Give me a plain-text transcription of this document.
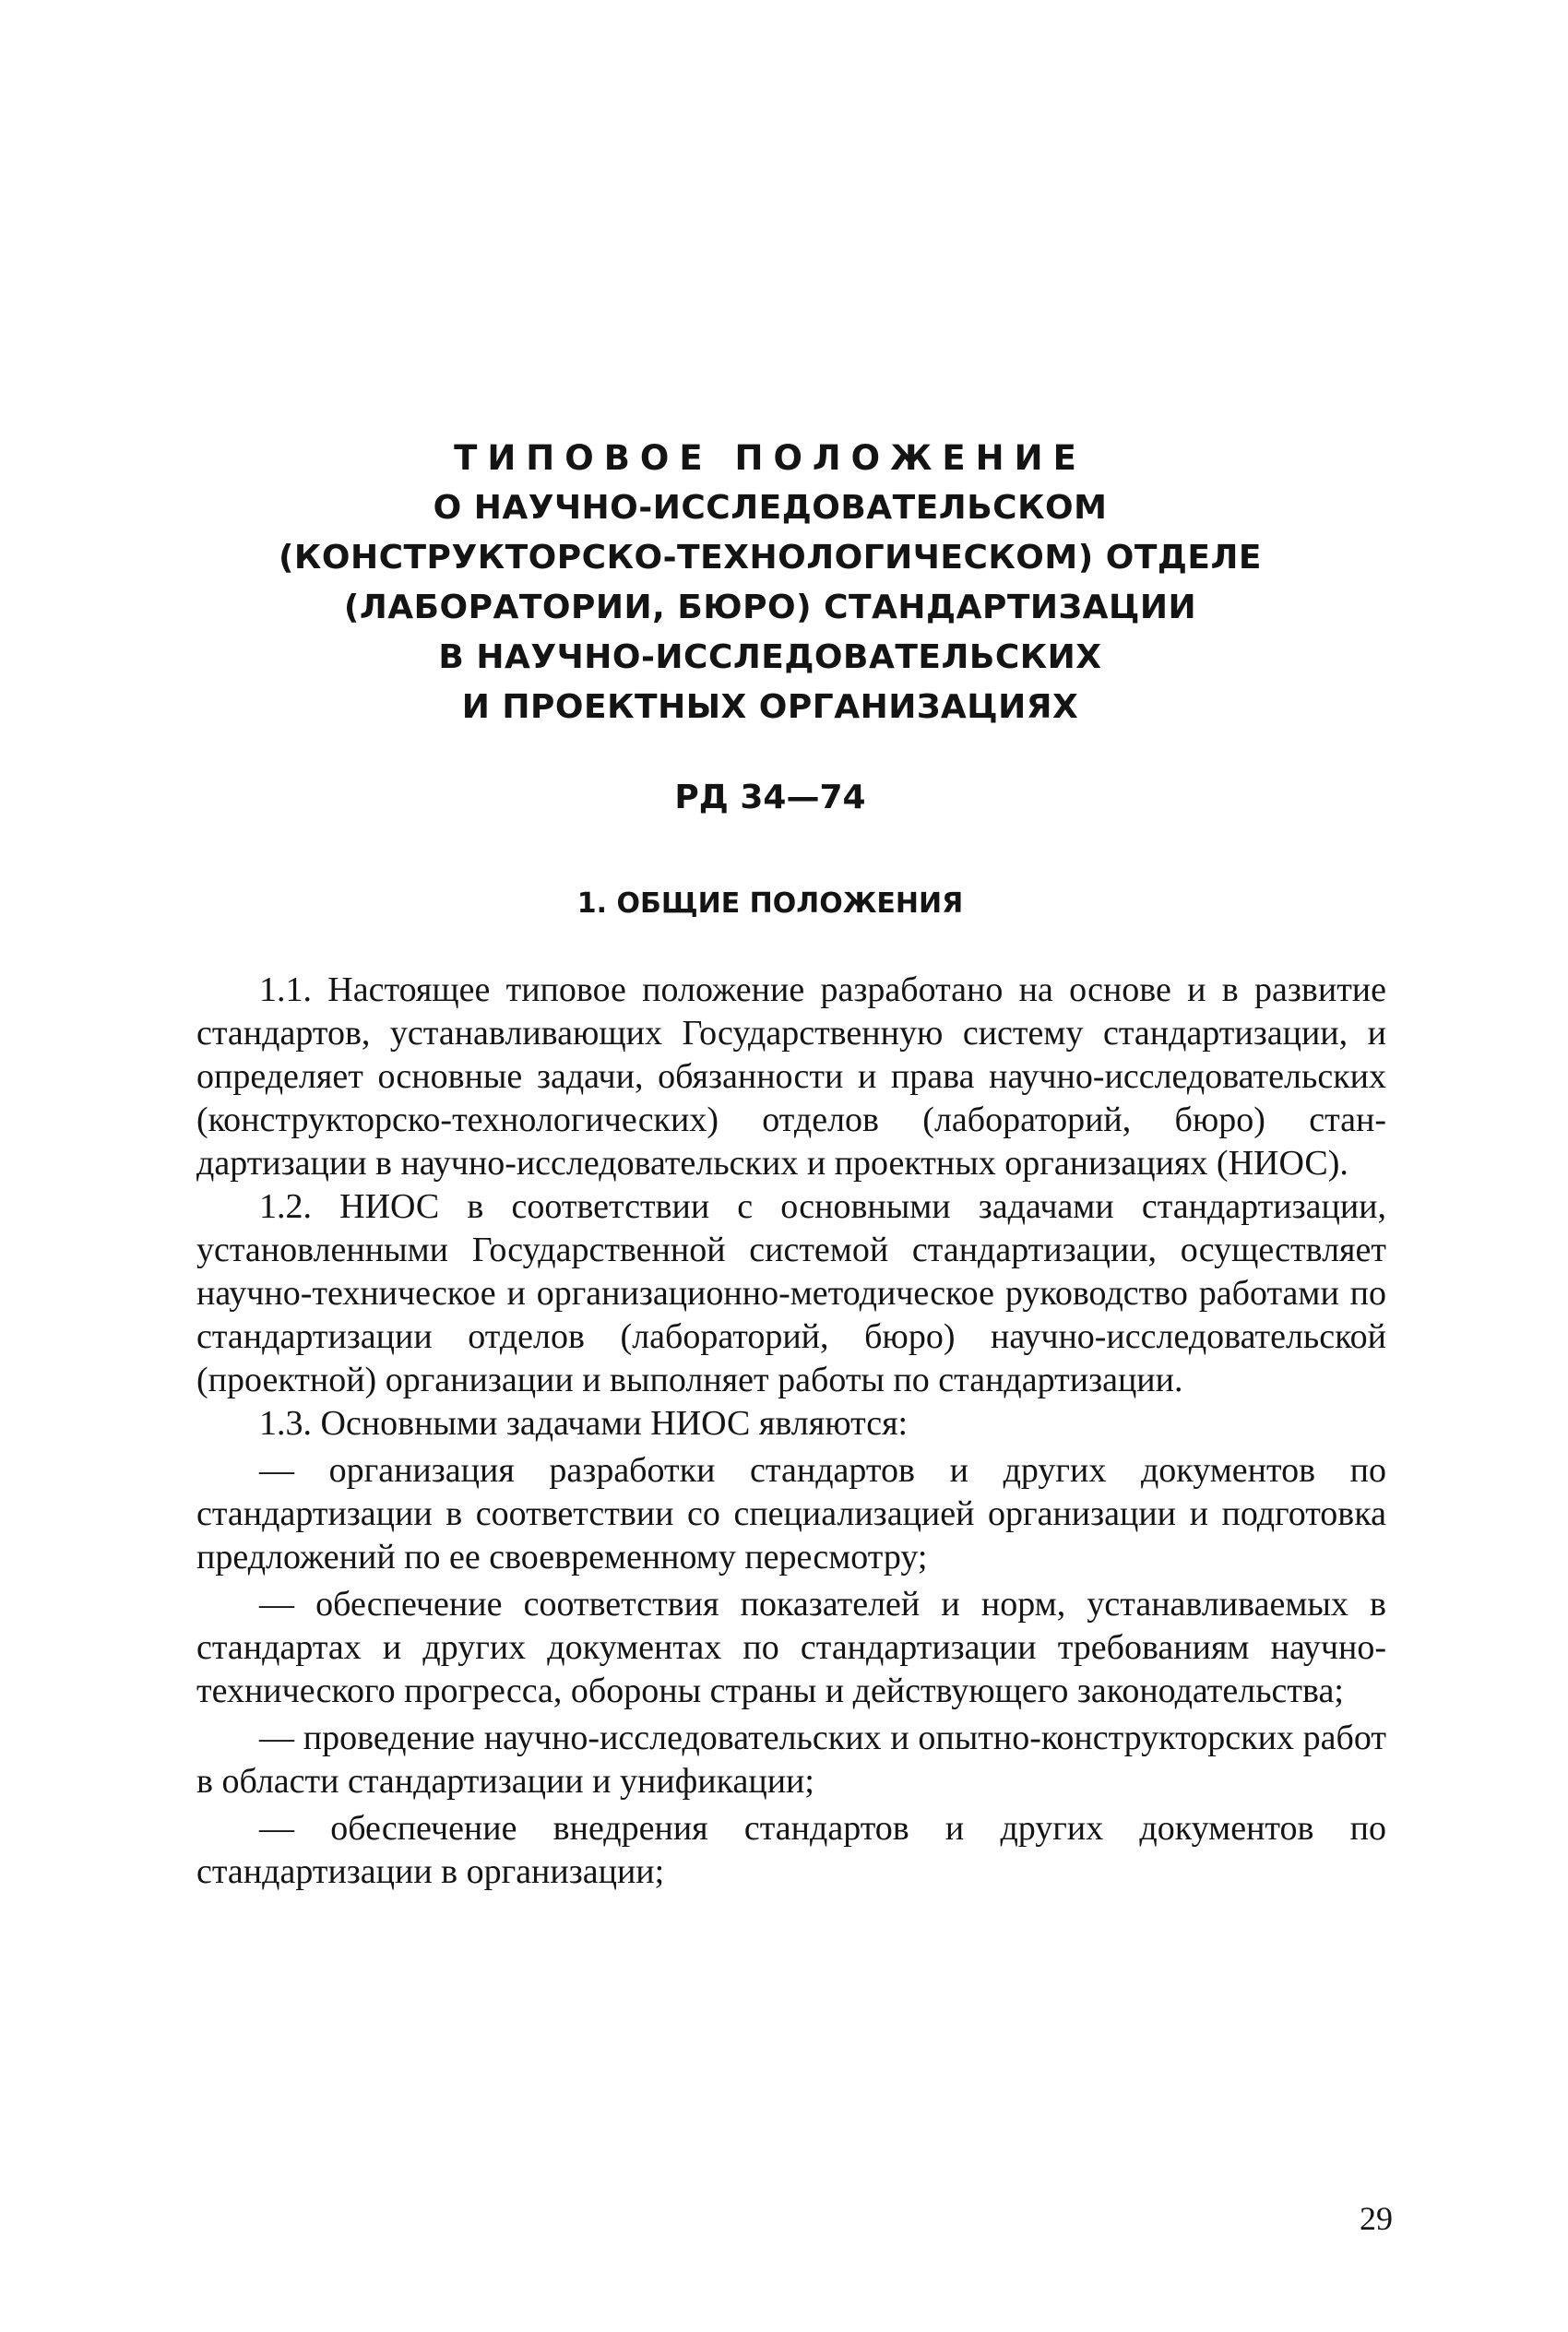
ТИПОВОЕ ПОЛОЖЕНИЕ
О НАУЧНО-ИССЛЕДОВАТЕЛЬСКОМ
(КОНСТРУКТОРСКО-ТЕХНОЛОГИЧЕСКОМ) ОТДЕЛЕ
(ЛАБОРАТОРИИ, БЮРО) СТАНДАРТИЗАЦИИ
В НАУЧНО-ИССЛЕДОВАТЕЛЬСКИХ
И ПРОЕКТНЫХ ОРГАНИЗАЦИЯХ
РД 34—74
1. ОБЩИЕ ПОЛОЖЕНИЯ

1.1. Настоящее типовое положение разработано на основе и в развитие стандартов, устанавливающих Государственную систему стандартизации, и определяет основные задачи, обязанности и права научно-исследовательских (конструкторско-технологических) отделов (лабораторий, бюро) стандартизации в научно-исследовательских и проектных организациях (НИОС).

1.2. НИОС в соответствии с основными задачами стандартизации, установленными Государственной системой стандартизации, осуществляет научно-техническое и организационно-методическое руководство работами по стандартизации отделов (лабораторий, бюро) научно-исследовательской (проектной) организации и выполняет работы по стандартизации.

1.3. Основными задачами НИОС являются:

— организация разработки стандартов и других документов по стандартизации в соответствии со специализацией организации и подготовка предложений по ее своевременному пересмотру;

— обеспечение соответствия показателей и норм, устанавливаемых в стандартах и других документах по стандартизации требованиям научно-технического прогресса, обороны страны и действующего законодательства;

— проведение научно-исследовательских и опытно-конструкторских работ в области стандартизации и унификации;

— обеспечение внедрения стандартов и других документов по стандартизации в организации;

29
